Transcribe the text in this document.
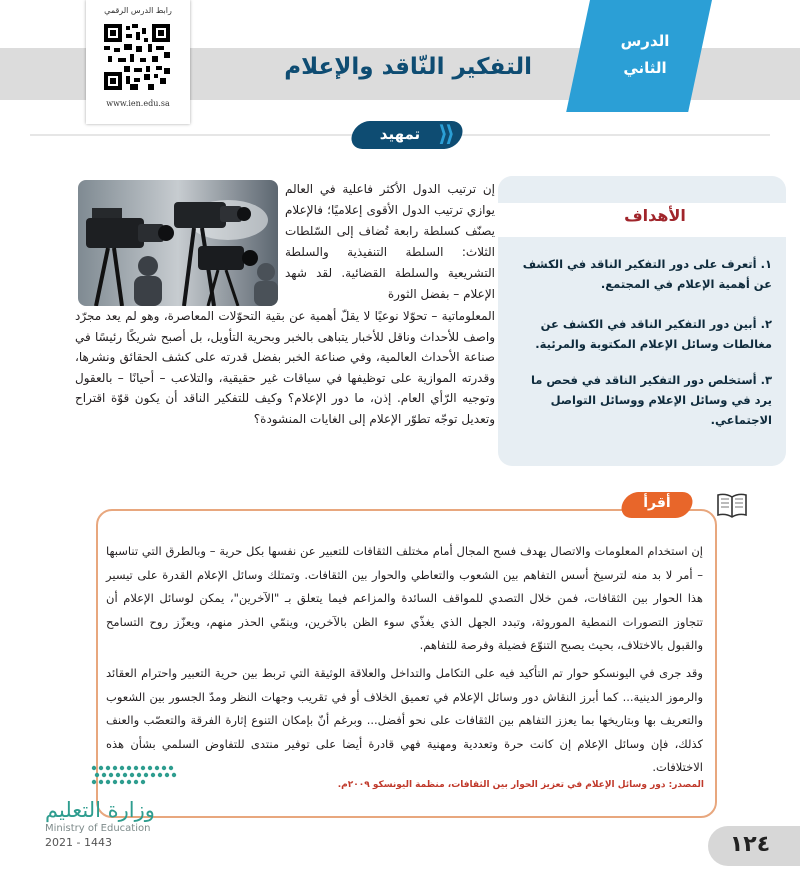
الدرس
الثاني
التفكير النّاقد والإعلام
رابط الدرس الرقمي
www.ien.edu.sa
تمهيد ⟩⟩
إن ترتيب الدول الأكثر فاعلية في العالم يوازي ترتيب الدول الأقوى إعلاميًا؛ فالإعلام يصنّف كسلطة رابعة تُضاف إلى السّلطات الثلاث: السلطة التنفيذية والسلطة التشريعية والسلطة القضائية. لقد شهد الإعلام – بفضل الثورة
المعلوماتية – تحوّلا نوعيًا لا يقلّ أهمية عن بقية التحوّلات المعاصرة، وهو لم يعد مجرّد واصف للأحداث وناقل للأخبار يتباهى بالخبر وبحرية التأويل، بل أصبح شريكًا رئيسًا في صناعة الأحداث العالمية، وفي صناعة الخبر بفضل قدرته على كشف الحقائق ونشرها، وقدرته الموازية على توظيفها في سياقات غير حقيقية، والتلاعب – أحيانًا – بالعقول وتوجيه الرّأي العام. إذن، ما دور الإعلام؟ وكيف للتفكير الناقد أن يكون قوّة اقتراح وتعديل توجّه تطوّر الإعلام إلى الغايات المنشودة؟
الأهداف
١. أتعرف على دور التفكير الناقد في الكشف عن أهمية الإعلام في المجتمع.
٢. أبين دور التفكير الناقد في الكشف عن مغالطات وسائل الإعلام المكتوبة والمرئية.
٣. أستخلص دور التفكير الناقد في فحص ما يرد في وسائل الإعلام ووسائل التواصل الاجتماعي.
أقرأ
إن استخدام المعلومات والاتصال يهدف فسح المجال أمام مختلف الثقافات للتعبير عن نفسها بكل حرية – وبالطرق التي تناسبها – أمر لا بد منه لترسيخ أسس التفاهم بين الشعوب والتعاطي والحوار بين الثقافات. وتمتلك وسائل الإعلام القدرة على تيسير هذا الحوار بين الثقافات، فمن خلال التصدي للمواقف السائدة والمزاعم فيما يتعلق بـ "الآخرين"، يمكن لوسائل الإعلام أن تتجاوز التصورات النمطية الموروثة، وتبدد الجهل الذي يغذّي سوء الظن بالآخرين، وينمّي الحذر منهم، ويعزّز روح التسامح والقبول بالاختلاف، بحيث يصبح التنوّع فضيلة وفرصة للتفاهم.
وقد جرى في اليونسكو حوار تم التأكيد فيه على التكامل والتداخل والعلاقة الوثيقة التي تربط بين حرية التعبير واحترام العقائد والرموز الدينية... كما أبرز النقاش دور وسائل الإعلام في تعميق الخلاف أو في تقريب وجهات النظر ومدّ الجسور بين الشعوب والتعريف بها وبتاريخها بما يعزز التفاهم بين الثقافات على نحو أفضل... وبرغم أنّ بإمكان التنوع إثارة الفرقة والتعصّب والعنف كذلك، فإن وسائل الإعلام إن كانت حرة وتعددية ومهنية فهي قادرة أيضا على توفير منتدى للتفاوض السلمي بشأن هذه الاختلافات.
المصدر: دور وسائل الإعلام في تعزيز الحوار بين الثقافات، منظمة اليونسكو ٢٠٠٩م.
وزارة التعليم
Ministry of Education
2021 - 1443	١٢٤
